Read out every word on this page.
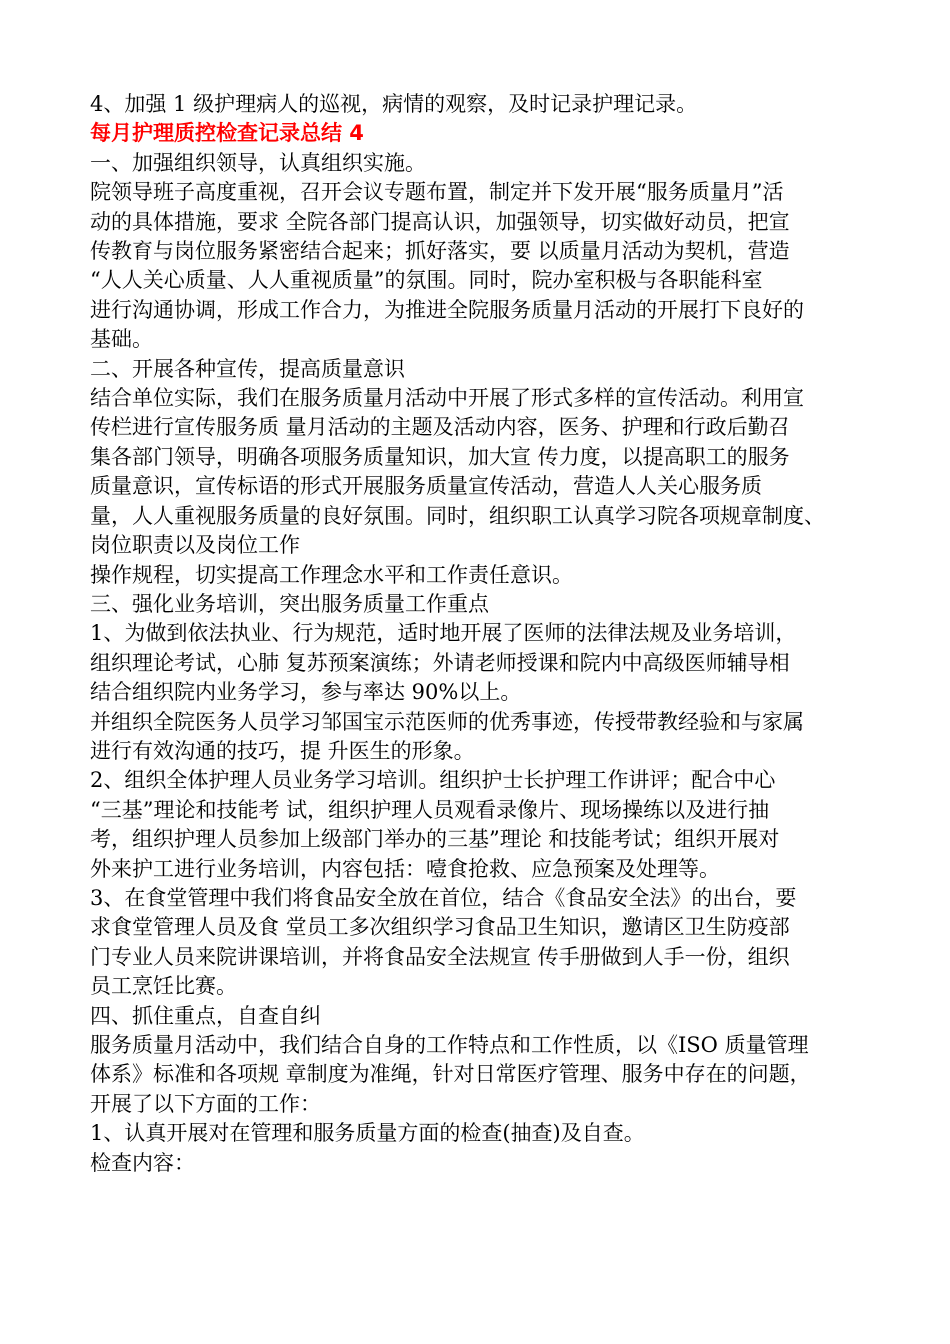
4、加强 1 级护理病人的巡视，病情的观察，及时记录护理记录。

每月护理质控检查记录总结 4

一、加强组织领导，认真组织实施。

院领导班子高度重视，召开会议专题布置，制定并下发开展“服务质量月”活

动的具体措施，要求 全院各部门提高认识，加强领导，切实做好动员，把宣

传教育与岗位服务紧密结合起来；抓好落实，要 以质量月活动为契机，营造

“人人关心质量、人人重视质量”的氛围。同时，院办室积极与各职能科室

进行沟通协调，形成工作合力，为推进全院服务质量月活动的开展打下良好的

基础。

二、开展各种宣传，提高质量意识

结合单位实际，我们在服务质量月活动中开展了形式多样的宣传活动。利用宣

传栏进行宣传服务质 量月活动的主题及活动内容，医务、护理和行政后勤召

集各部门领导，明确各项服务质量知识，加大宣 传力度，以提高职工的服务

质量意识，宣传标语的形式开展服务质量宣传活动，营造人人关心服务质

量，人人重视服务质量的良好氛围。同时，组织职工认真学习院各项规章制度、

岗位职责以及岗位工作

操作规程，切实提高工作理念水平和工作责任意识。

三、强化业务培训，突出服务质量工作重点

1、为做到依法执业、行为规范，适时地开展了医师的法律法规及业务培训，

组织理论考试，心肺 复苏预案演练；外请老师授课和院内中高级医师辅导相

结合组织院内业务学习，参与率达 90%以上。

并组织全院医务人员学习邹国宝示范医师的优秀事迹，传授带教经验和与家属

进行有效沟通的技巧，提 升医生的形象。

2、组织全体护理人员业务学习培训。组织护士长护理工作讲评；配合中心

“三基”理论和技能考 试，组织护理人员观看录像片、现场操练以及进行抽

考，组织护理人员参加上级部门举办的三基”理论 和技能考试；组织开展对

外来护工进行业务培训，内容包括：噎食抢救、应急预案及处理等。

3、在食堂管理中我们将食品安全放在首位，结合《食品安全法》的出台，要

求食堂管理人员及食 堂员工多次组织学习食品卫生知识，邀请区卫生防疫部

门专业人员来院讲课培训，并将食品安全法规宣 传手册做到人手一份，组织

员工烹饪比赛。

四、抓住重点，自查自纠

服务质量月活动中，我们结合自身的工作特点和工作性质，以《ISO 质量管理

体系》标准和各项规 章制度为准绳，针对日常医疗管理、服务中存在的问题，

开展了以下方面的工作：

1、认真开展对在管理和服务质量方面的检查(抽查)及自查。

检查内容：
